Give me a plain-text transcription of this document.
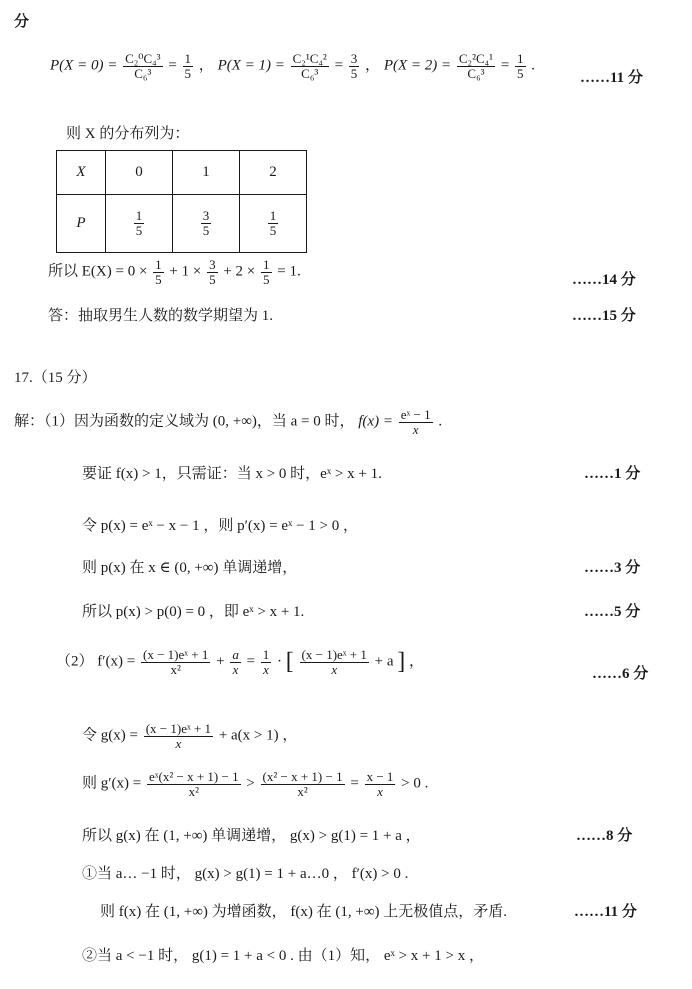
分
$P(X = 0) = \frac{\text{C₂⁰C₄³}}{\text{C₆³}} = \frac{1}{5}$ ， $P(X = 1) = \frac{\text{C₂¹C₄²}}{\text{C₆³}} = \frac{3}{5}$ ， $P(X = 2) = \frac{\text{C₂²C₄¹}}{\text{C₆³}} = \frac{1}{5}$ .
……11 分
则 X 的分布列为：
X	0	1	2
P	$\frac{1}{5}$	$\frac{3}{5}$	$\frac{1}{5}$
所以 $E(X) = 0 \times \frac{1}{5} + 1 \times \frac{3}{5} + 2 \times \frac{1}{5} = 1$.
……14 分
答：抽取男生人数的数学期望为 1.	……15 分
17.（15 分）
解：（1）因为函数的定义域为 (0, +∞)，当 a = 0 时， $f(x) = \frac{\text{eˣ − 1}}{x}$ .
要证 f(x) > 1，只需证：当 x > 0 时，eˣ > x + 1.	……1 分
令 p(x) = eˣ − x − 1 ，则 p′(x) = eˣ − 1 > 0 ，
则 p(x) 在 x ∈ (0, +∞) 单调递增，	……3 分
所以 p(x) > p(0) = 0 ，即 eˣ > x + 1.	……5 分
（2） $f'(x) = \frac{\text{(x − 1)eˣ + 1}}{\text{x²}} + \frac{a}{x} = \frac{1}{x}$ · [ $\frac{\text{(x − 1)eˣ + 1}}{x} + a$ ] ，
……6 分
令 $g(x) = \frac{\text{(x − 1)eˣ + 1}}{x} + a(x > 1)$ ，
则 $g'(x) = \frac{\text{eˣ(x² − x + 1) − 1}}{\text{x²}} > \frac{\text{(x² − x + 1) − 1}}{\text{x²}} = \frac{x - 1}{x} > 0$ .
所以 g(x) 在 (1, +∞) 单调递增， g(x) > g(1) = 1 + a ，	……8 分
①当 a… −1 时， g(x) > g(1) = 1 + a…0 ， f′(x) > 0 .
则 f(x) 在 (1, +∞) 为增函数， f(x) 在 (1, +∞) 上无极值点，矛盾.	……11 分
②当 a < −1 时， g(1) = 1 + a < 0 . 由（1）知， eˣ > x + 1 > x ，
